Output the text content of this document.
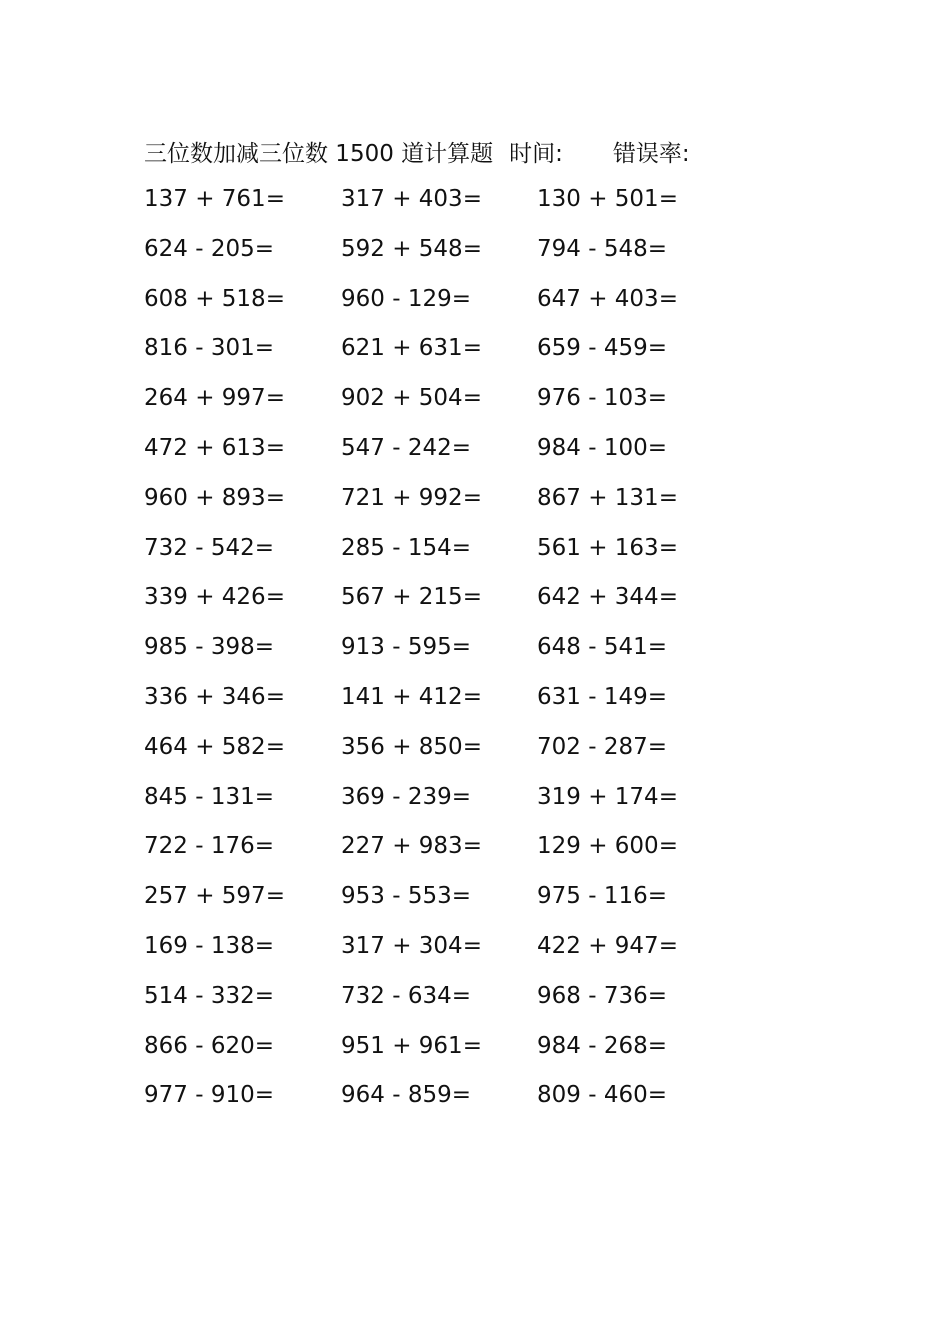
三位数加减三位数 1500 道计算题 时间: 错误率:
137 + 761= 317 + 403= 130 + 501=
624 - 205=	592 + 548= 794 - 548=
608 + 518= 960 - 129=	647 + 403=
816 - 301=	621 + 631= 659 - 459=
264 + 997= 902 + 504= 976 - 103=
472 + 613= 547 - 242=	984 - 100=
960 + 893= 721 + 992= 867 + 131=
732 - 542=	285 - 154=	561 + 163=
339 + 426= 567 + 215= 642 + 344=
985 - 398=	913 - 595=	648 - 541=
336 + 346= 141 + 412= 631 - 149=
464 + 582= 356 + 850= 702 - 287=
845 - 131=	369 - 239=	319 + 174=
722 - 176=	227 + 983= 129 + 600=
257 + 597= 953 - 553=	975 - 116=
169 - 138=	317 + 304= 422 + 947=
514 - 332=	732 - 634=	968 - 736=
866 - 620=	951 + 961= 984 - 268=
977 - 910=	964 - 859=	809 - 460=
